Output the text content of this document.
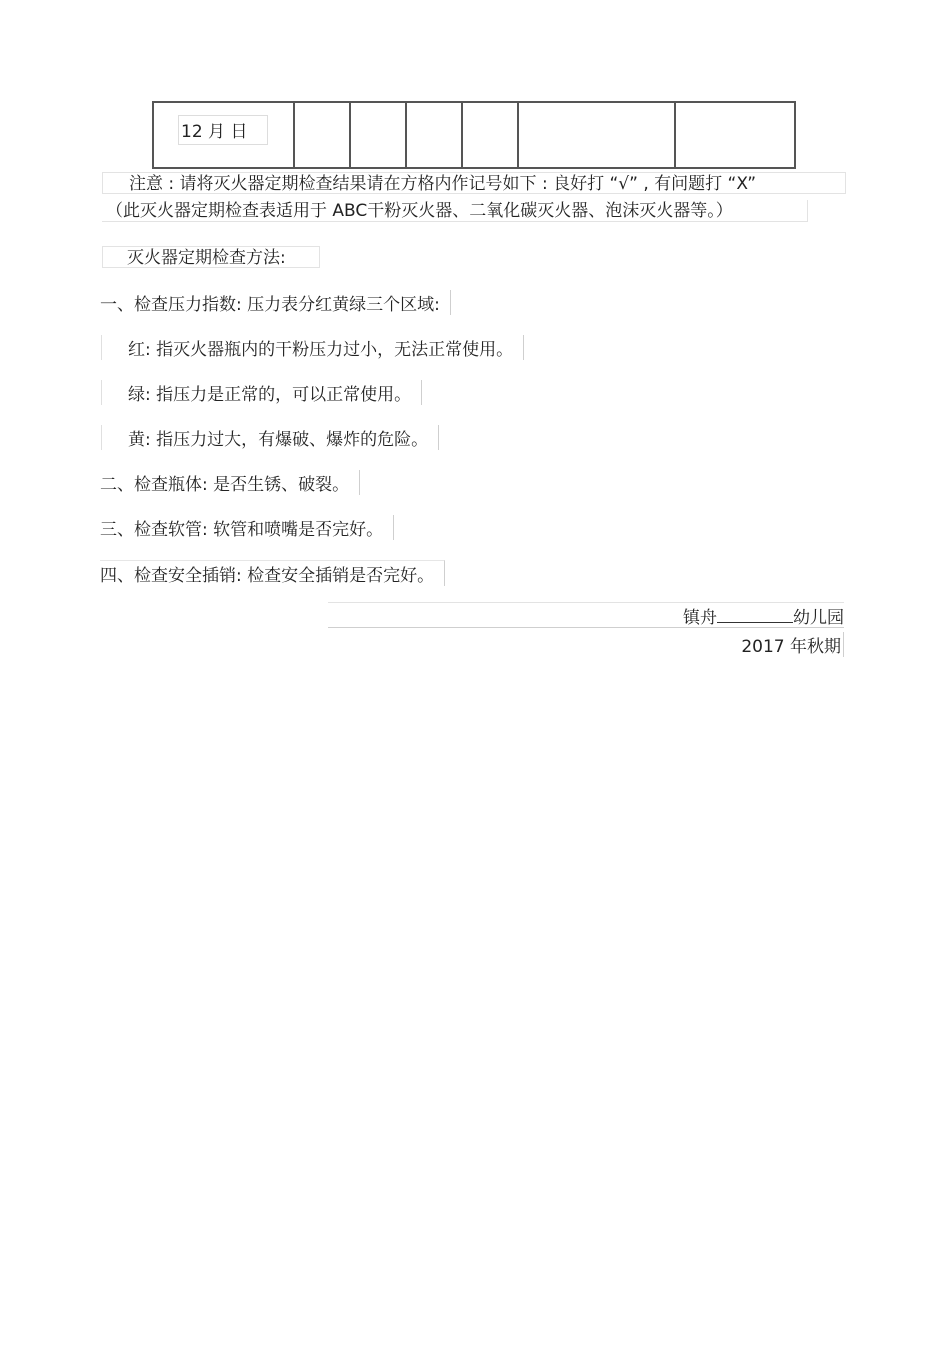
12 月 日						
注意 : 请将灭火器定期检查结果请在方格内作记号如下 : 良好打 “√” , 有问题打 “X”
（此灭火器定期检查表适用于 ABC干粉灭火器、二氧化碳灭火器、泡沫灭火器等。）
灭火器定期检查方法:
一、检查压力指数: 压力表分红黄绿三个区域:
红: 指灭火器瓶内的干粉压力过小，无法正常使用。
绿: 指压力是正常的，可以正常使用。
黄: 指压力过大，有爆破、爆炸的危险。
二、检查瓶体: 是否生锈、破裂。
三、检查软管: 软管和喷嘴是否完好。
四、检查安全插销: 检查安全插销是否完好。
镇舟	幼儿园
2017 年秋期
